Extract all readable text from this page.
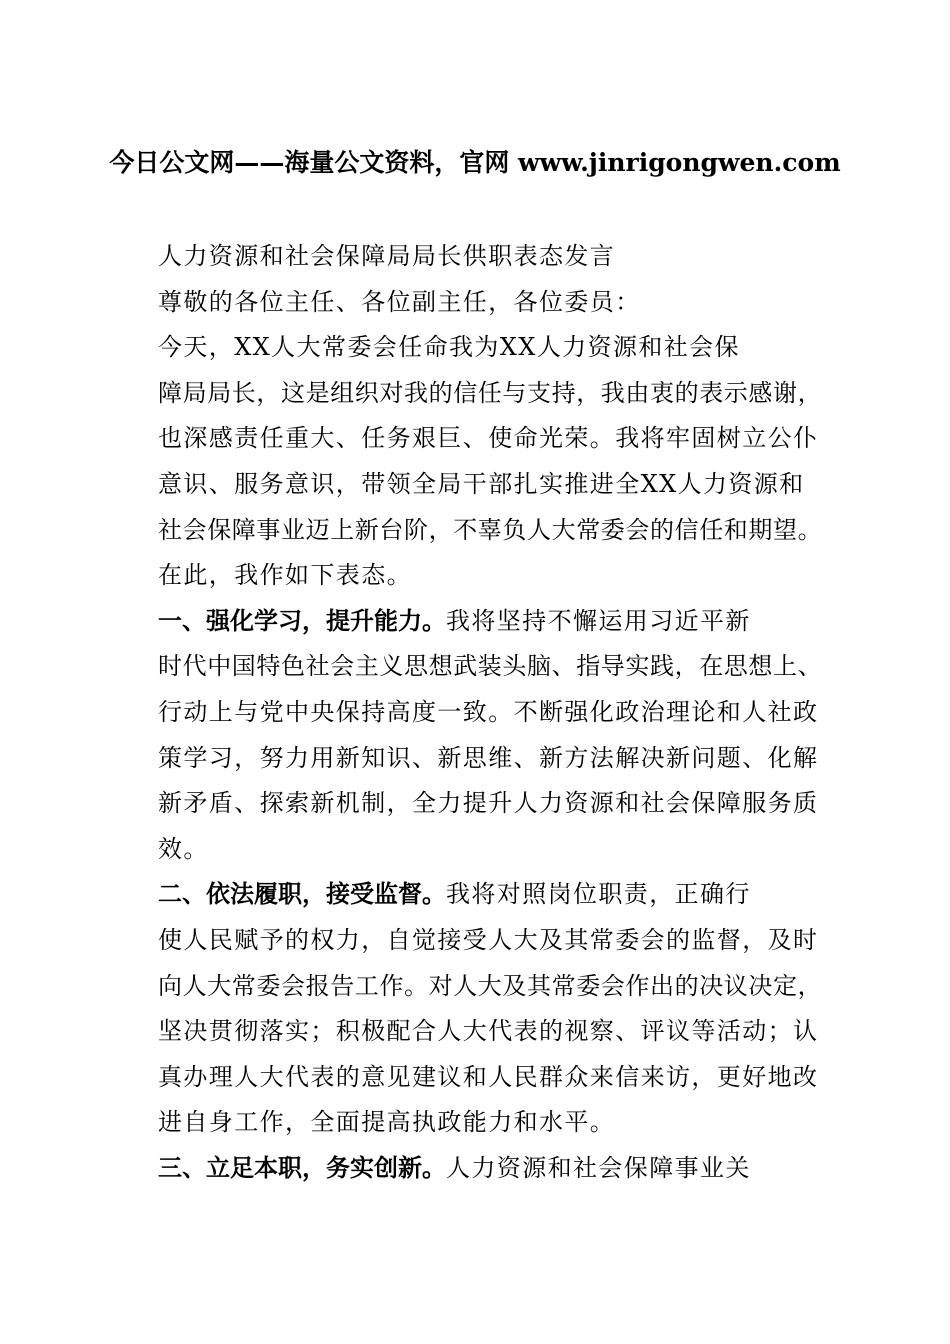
今日公文网——海量公文资料，官网 www.jinrigongwen.com
人力资源和社会保障局局长供职表态发言
尊敬的各位主任、各位副主任，各位委员：
今天，XX人大常委会任命我为XX人力资源和社会保
障局局长，这是组织对我的信任与支持，我由衷的表示感谢，
也深感责任重大、任务艰巨、使命光荣。我将牢固树立公仆
意识、服务意识，带领全局干部扎实推进全XX人力资源和
社会保障事业迈上新台阶，不辜负人大常委会的信任和期望。
在此，我作如下表态。
一、强化学习，提升能力。我将坚持不懈运用习近平新
时代中国特色社会主义思想武装头脑、指导实践，在思想上、
行动上与党中央保持高度一致。不断强化政治理论和人社政
策学习，努力用新知识、新思维、新方法解决新问题、化解
新矛盾、探索新机制，全力提升人力资源和社会保障服务质
效。
二、依法履职，接受监督。我将对照岗位职责，正确行
使人民赋予的权力，自觉接受人大及其常委会的监督，及时
向人大常委会报告工作。对人大及其常委会作出的决议决定，
坚决贯彻落实；积极配合人大代表的视察、评议等活动；认
真办理人大代表的意见建议和人民群众来信来访，更好地改
进自身工作，全面提高执政能力和水平。
三、立足本职，务实创新。人力资源和社会保障事业关
